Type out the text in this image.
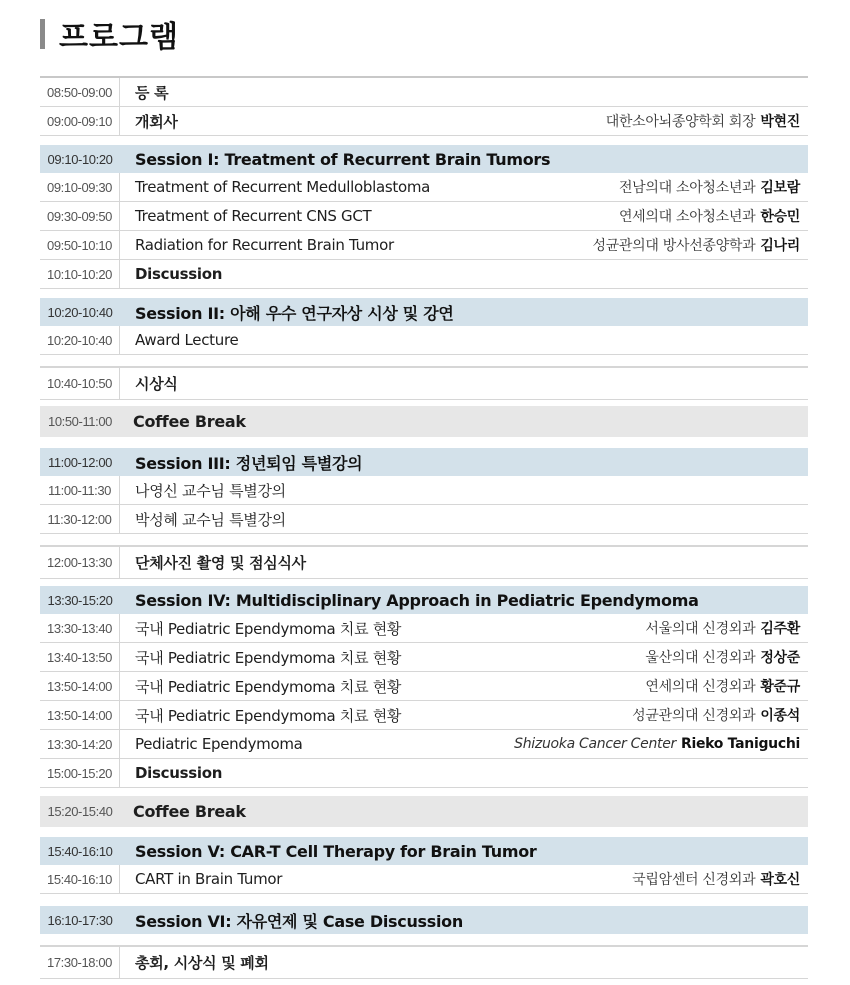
프로그램
08:50-09:00	등 록
09:00-09:10	개회사	대한소아뇌종양학회 회장 박현진
09:10-10:20	Session I: Treatment of Recurrent Brain Tumors
09:10-09:30	Treatment of Recurrent Medulloblastoma	전남의대 소아청소년과 김보람
09:30-09:50	Treatment of Recurrent CNS GCT	연세의대 소아청소년과 한승민
09:50-10:10	Radiation for Recurrent Brain Tumor	성균관의대 방사선종양학과 김나리
10:10-10:20	Discussion
10:20-10:40	Session II: 아해 우수 연구자상 시상 및 강연
10:20-10:40	Award Lecture
10:40-10:50	시상식
10:50-11:00	Coffee Break
11:00-12:00	Session III: 정년퇴임 특별강의
11:00-11:30	나영신 교수님 특별강의
11:30-12:00	박성혜 교수님 특별강의
12:00-13:30	단체사진 촬영 및 점심식사
13:30-15:20	Session IV: Multidisciplinary Approach in Pediatric Ependymoma
13:30-13:40	국내 Pediatric Ependymoma 치료 현황	서울의대 신경외과 김주환
13:40-13:50	국내 Pediatric Ependymoma 치료 현황	울산의대 신경외과 정상준
13:50-14:00	국내 Pediatric Ependymoma 치료 현황	연세의대 신경외과 황준규
13:50-14:00	국내 Pediatric Ependymoma 치료 현황	성균관의대 신경외과 이종석
13:30-14:20	Pediatric Ependymoma	Shizuoka Cancer Center Rieko Taniguchi
15:00-15:20	Discussion
15:20-15:40	Coffee Break
15:40-16:10	Session V: CAR-T Cell Therapy for Brain Tumor
15:40-16:10	CART in Brain Tumor	국립암센터 신경외과 곽호신
16:10-17:30	Session VI: 자유연제 및 Case Discussion
17:30-18:00	총회, 시상식 및 폐회
